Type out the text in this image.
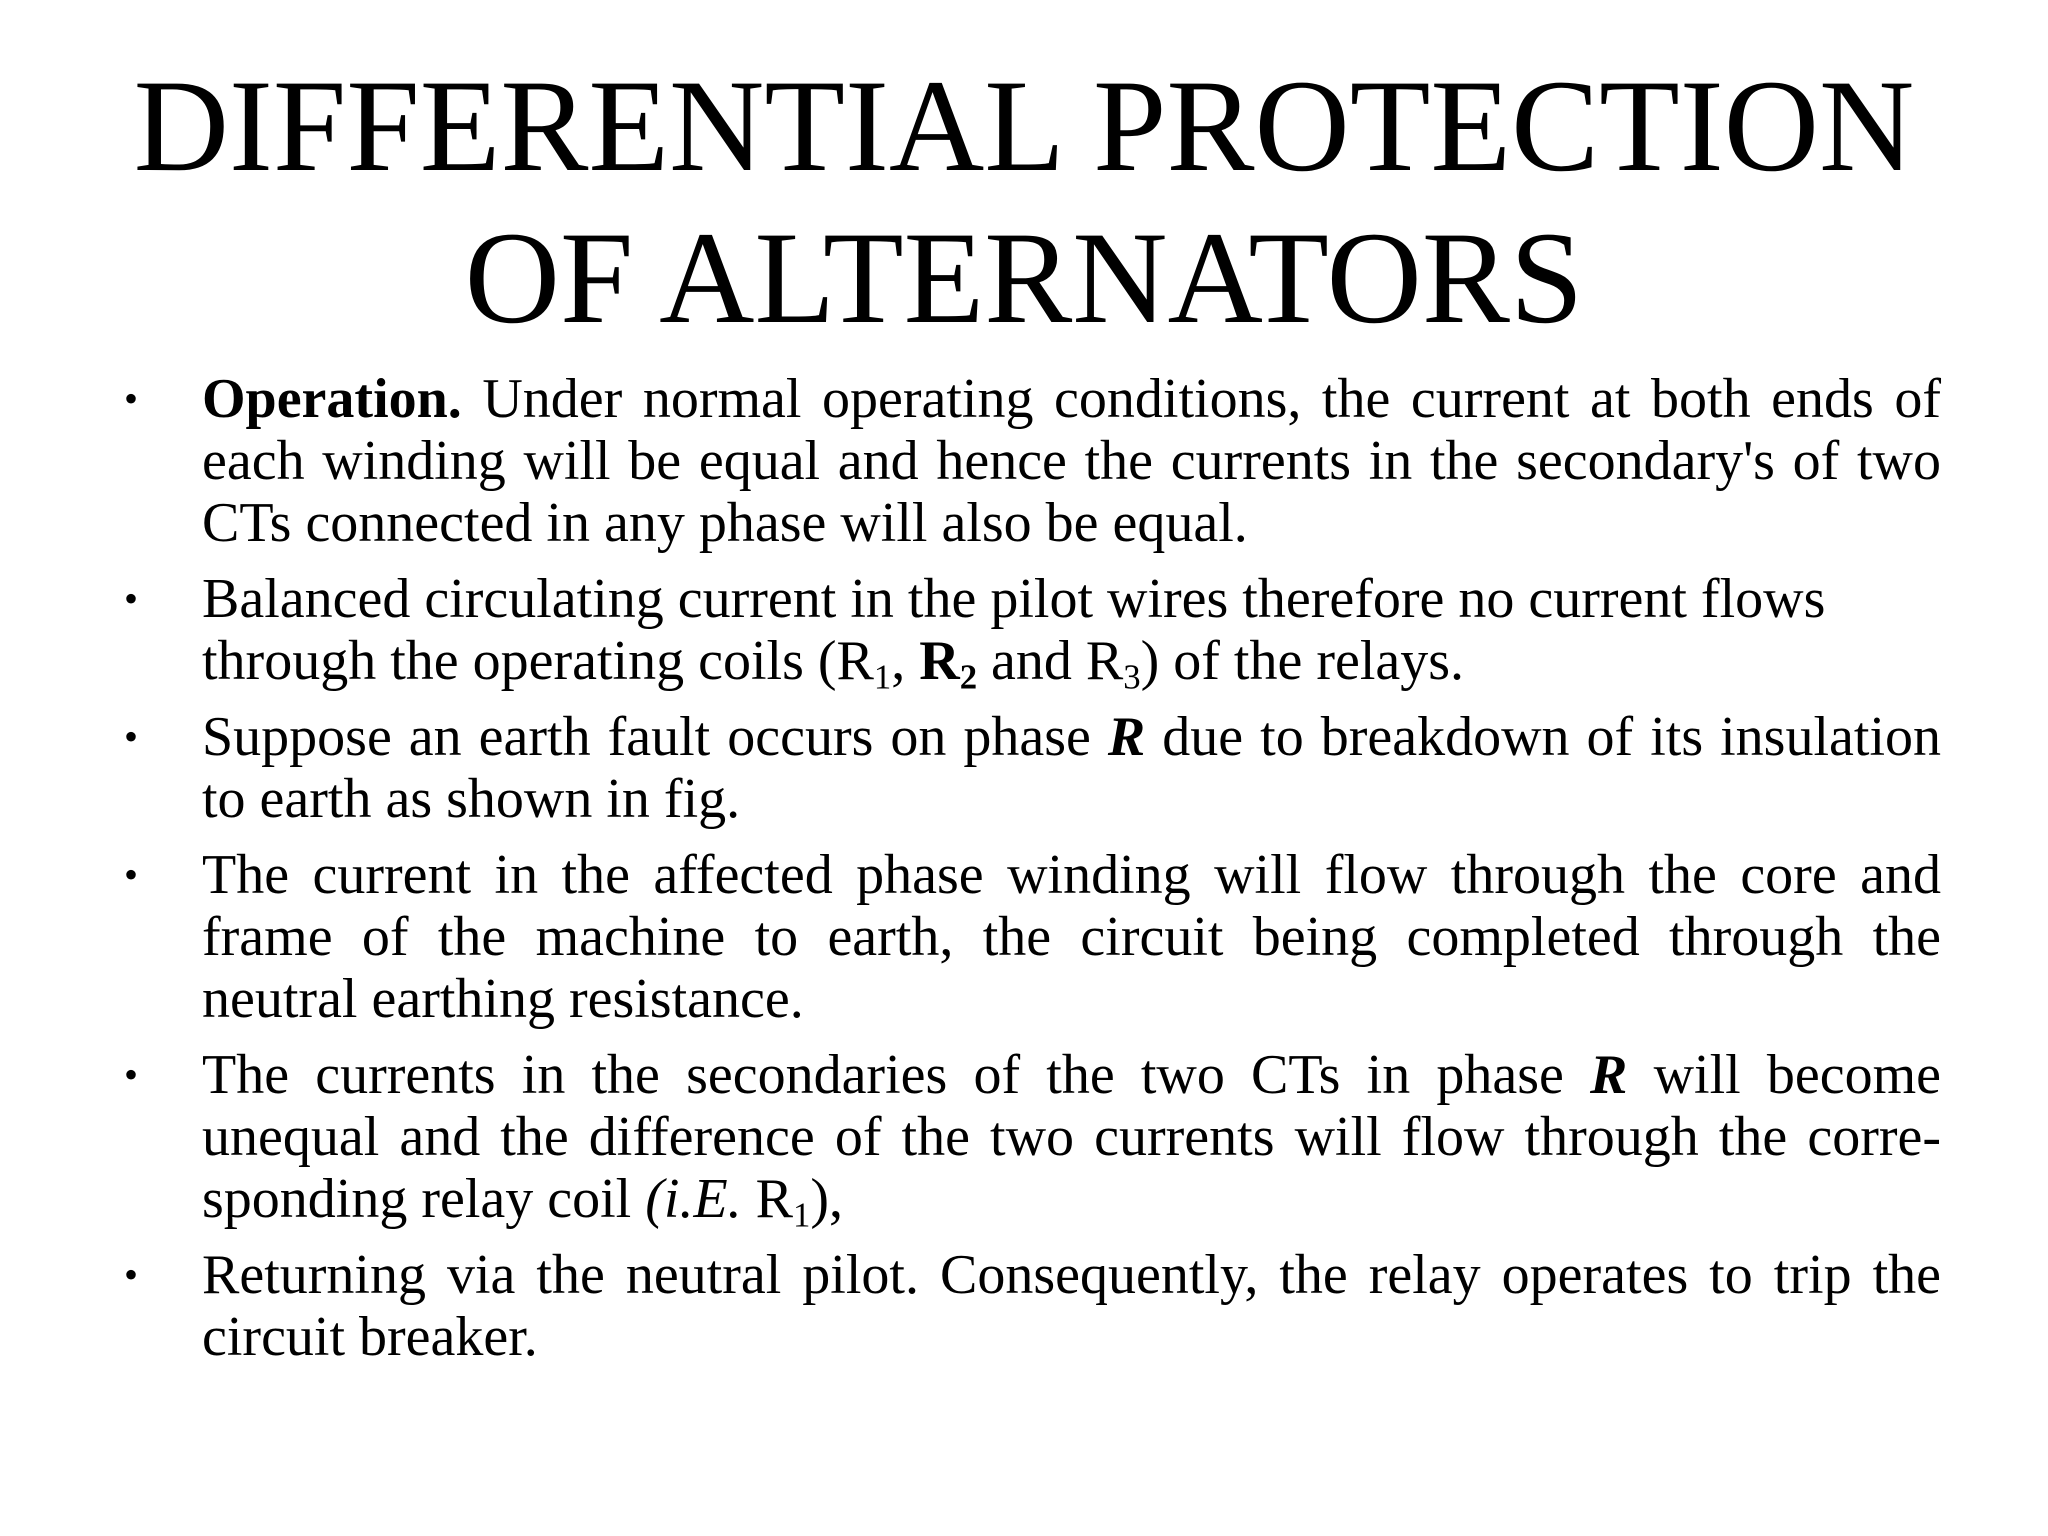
DIFFERENTIAL PROTECTION
OF ALTERNATORS
• Operation. Under normal operating conditions, the current at both ends of each winding will be equal and hence the currents in the secondary's of two CTs connected in any phase will also be equal.

• Balanced circulating current in the pilot wires therefore no current flows through the operating coils ($R_1$, $R_2$ and $R_3$) of the relays.

• Suppose an earth fault occurs on phase R due to breakdown of its insulation to earth as shown in fig.

• The current in the affected phase winding will flow through the core and frame of the machine to earth, the circuit being completed through the neutral earthing resistance.

• The currents in the secondaries of the two CTs in phase R will become unequal and the difference of the two currents will flow through the corre-sponding relay coil (i.E. $R_1$),

• Returning via the neutral pilot. Consequently, the relay operates to trip the circuit breaker.
